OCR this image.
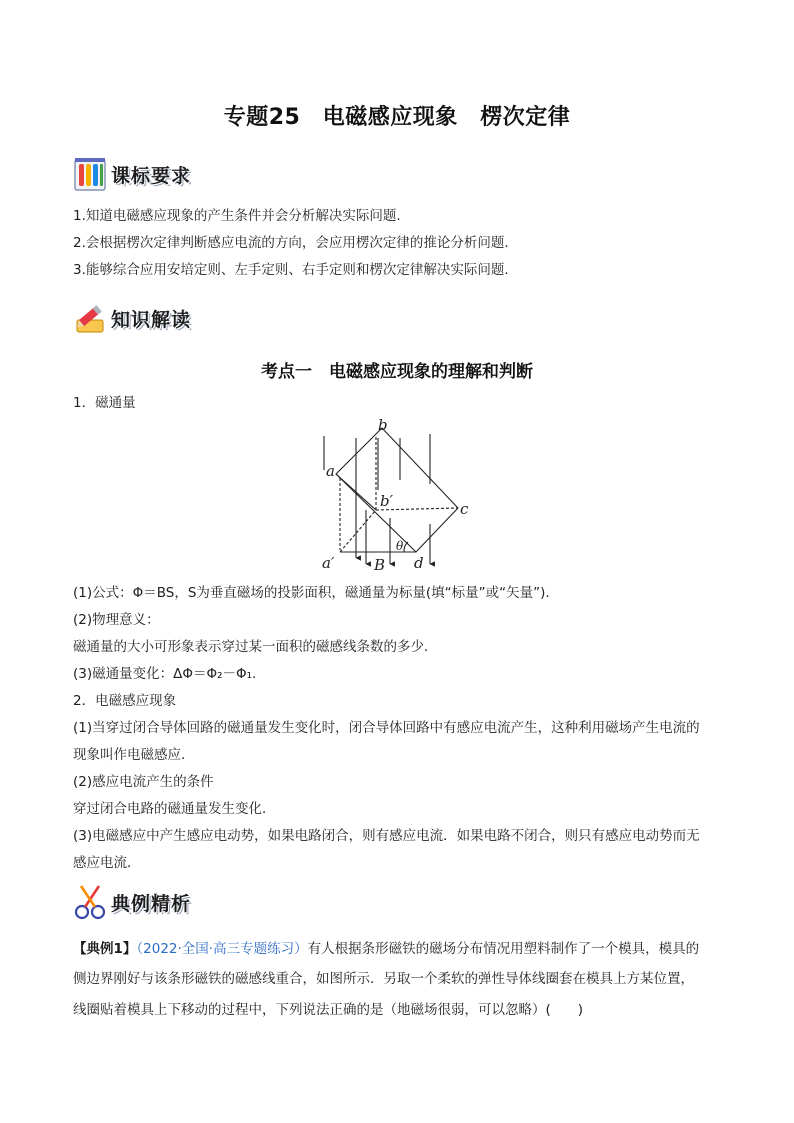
专题25　电磁感应现象　楞次定律
课标要求
1.知道电磁感应现象的产生条件并会分析解决实际问题.
2.会根据楞次定律判断感应电流的方向，会应用楞次定律的推论分析问题.
3.能够综合应用安培定则、左手定则、右手定则和楞次定律解决实际问题．
知识解读
考点一　电磁感应现象的理解和判断
1．磁通量
a
b
c
d
a′
b′
B
θ
(1)公式：Φ＝BS，S为垂直磁场的投影面积，磁通量为标量(填“标量”或“矢量”)．
(2)物理意义：
磁通量的大小可形象表示穿过某一面积的磁感线条数的多少．
(3)磁通量变化：ΔΦ＝Φ₂－Φ₁.
2．电磁感应现象
(1)当穿过闭合导体回路的磁通量发生变化时，闭合导体回路中有感应电流产生，这种利用磁场产生电流的
现象叫作电磁感应．
(2)感应电流产生的条件
穿过闭合电路的磁通量发生变化．
(3)电磁感应中产生感应电动势，如果电路闭合，则有感应电流．如果电路不闭合，则只有感应电动势而无
感应电流．
典例精析
【典例1】（2022·全国·高三专题练习）有人根据条形磁铁的磁场分布情况用塑料制作了一个模具，模具的
侧边界刚好与该条形磁铁的磁感线重合，如图所示．另取一个柔软的弹性导体线圈套在模具上方某位置，
线圈贴着模具上下移动的过程中，下列说法正确的是（地磁场很弱，可以忽略）(　　)
